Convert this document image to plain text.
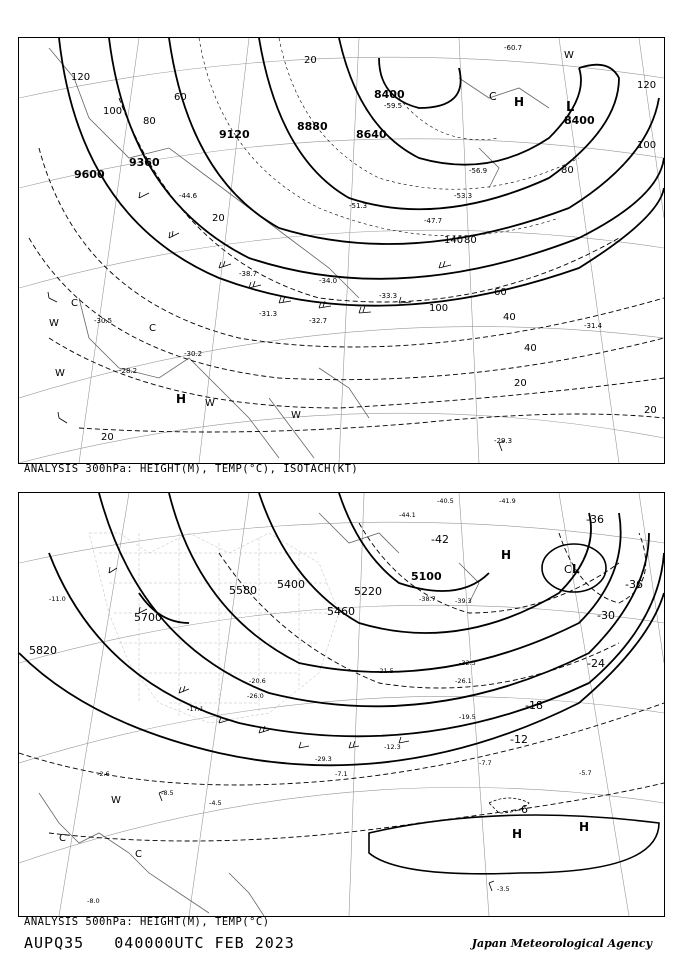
9600
9360
9120
8880
8640
8400
8400
120
100
80
60
20
20
40
60
80
100
140
120
100
80
40
20
20
20
-30.5
-28.2
-30.2
-31.3
-32.7
-33.3
-34.0
-38.7
-44.6
-51.3
-53.3
-56.9
-59.5
-60.7
-47.7
-31.4
-29.3
H	L
H
C
C
C
W
W
W
W
W
ANALYSIS 300hPa: HEIGHT(M), TEMP(°C), ISOTACH(KT)
5820
5700
5580
5460
5400
5220
5100
-42
-36
-36
-30
-24
-18
-12
-6
-11.0
-17.1
-20.6
-26.0
-29.3
-12.3
-7.7
-5.7
-8.5
-4.5
-3.5
-8.0
-2.6	-7.1
-40.5	-41.9
-44.1
-39.3
-38.7
-32.5
-26.1
-21.5
-19.5
H
L
C
H	H
C
C
W
ANALYSIS 500hPa: HEIGHT(M), TEMP(°C)
AUPQ35 040000UTC FEB 2023	Japan Meteorological Agency
